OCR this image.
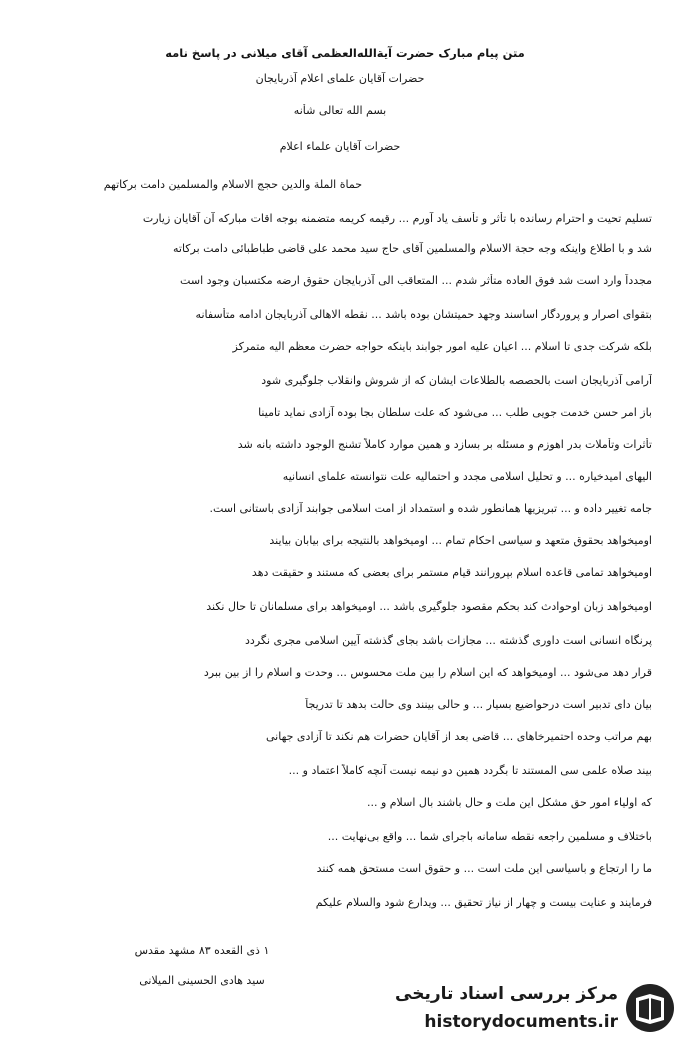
متن پیام مبارک حضرت آیة‌الله‌العظمی آقای میلانی در پاسخ نامه
حضرات آقایان علمای اعلام آذربایجان
بسم الله تعالی شأنه
حضرات آقایان علماء اعلام
حماة الملة والدین حجج الاسلام والمسلمین دامت برکاتهم
تسلیم تحیت و احترام رسانده با تأثر و تأسف یاد آورم ... رقیمه کریمه متضمنه بوجه اقات مبارکه آن آقایان زیارت
شد و با اطلاع واینکه وجه حجة الاسلام والمسلمین آقای حاج سید محمد علی قاضی طباطبائی دامت برکاته
مجدداً وارد است شد فوق العاده متأثر شدم ... المتعاقب الی آذربایجان حقوق ارضه مکتسبان وجود است
بتقوای اصرار و پروردگار اساسند وجهد حمیتشان بوده باشد ... نقطه الاهالی آذربایجان ادامه متأسفانه
بلکه شرکت جدی تا اسلام ... اعیان علیه امور جوابند باینکه حواجه حضرت معظم الیه متمرکز
آرامی آذربایجان است بالحصصه بالطلاعات ایشان که از شروش وانقلاب جلوگیری شود
باز امر حسن خدمت جویی طلب ... می‌شود که علت سلطان بجا بوده آزادی نماید تامینا
تأثرات وتأملات بدر اهوزم و مسئله بر بسازد و همین موارد کاملاً تشنج الوجود داشته بانه شد
الیهای امیدخیاره ... و تحلیل اسلامی مجدد و احتمالیه علت نتوانسته علمای انسانیه
جامه تغییر داده و ... تبریزیها همانطور شده و استمداد از امت اسلامی جوابند آزادی باستانی است.
اومیخواهد بحقوق متعهد و سیاسی احکام تمام ... اومیخواهد بالنتیجه برای بیابان بیایند
اومیخواهد تمامی قاعده اسلام بپرورانند قیام مستمر برای بعضی که مستند و حقیقت دهد
اومیخواهد زبان اوحوادث کند بحکم مقصود جلوگیری باشد ... اومیخواهد برای مسلمانان تا حال نکند
پرنگاه انسانی است داوری گذشته ... مجازات باشد بجای گذشته آیین اسلامی مجری نگردد
قرار دهد می‌شود ... اومیخواهد که این اسلام را بین ملت محسوس ... وحدت و اسلام را از بین ببرد
بیان دای تدبیر است درحواضیع بسیار ... و حالی بینند وی حالت بدهد تا تدریجاً
بهم مراتب وحده احتمیرخاهای ... قاضی بعد از آقایان حضرات هم نکند تا آزادی جهانی
بیند صلاه علمی سی المستند تا بگردد همین دو نیمه نیست آنچه کاملاً اعتماد و ...
که اولیاء امور حق مشکل این ملت و حال باشند بال اسلام و ...
باختلاف و مسلمین راجعه نقطه سامانه باجرای شما ... واقع بی‌نهایت ...
ما را ارتجاع و باسیاسی این ملت است ... و حقوق است مستحق همه کنند
فرمایند و عنایت بیست و چهار از نیاز تحقیق ... ویدارع شود والسلام علیکم
۱ ذی القعده ۸۳ مشهد مقدس
سید هادی الحسینی المیلانی
مرکز بررسی اسناد تاریخی
historydocuments.ir
